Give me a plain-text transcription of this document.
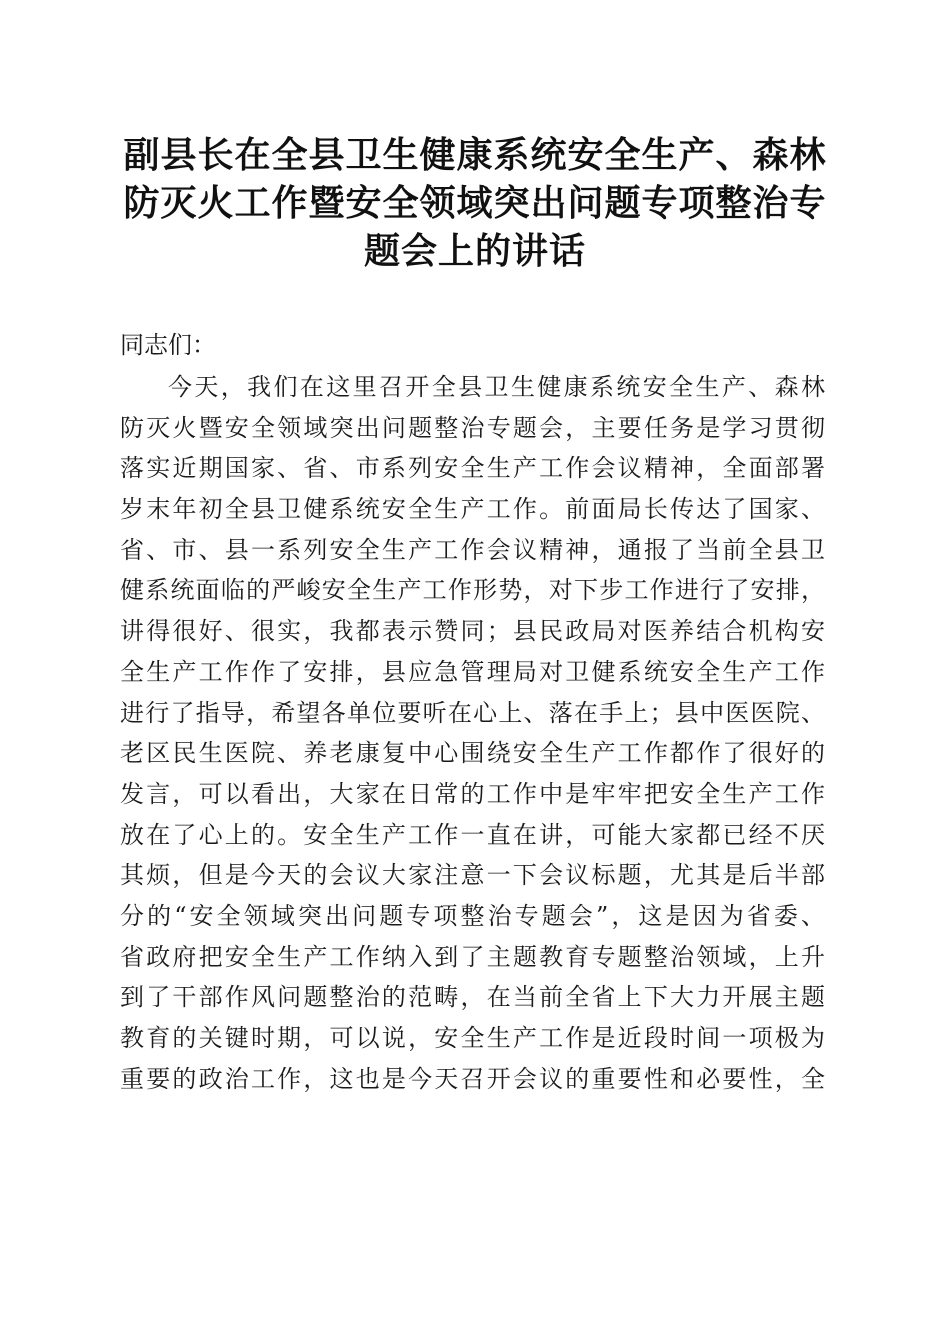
副县长在全县卫生健康系统安全生产、森林防灭火工作暨安全领域突出问题专项整治专题会上的讲话

同志们：

今天，我们在这里召开全县卫生健康系统安全生产、森林
防灭火暨安全领域突出问题整治专题会，主要任务是学习贯彻
落实近期国家、省、市系列安全生产工作会议精神，全面部署
岁末年初全县卫健系统安全生产工作。前面局长传达了国家、
省、市、县一系列安全生产工作会议精神，通报了当前全县卫
健系统面临的严峻安全生产工作形势，对下步工作进行了安排，
讲得很好、很实，我都表示赞同；县民政局对医养结合机构安
全生产工作作了安排，县应急管理局对卫健系统安全生产工作
进行了指导，希望各单位要听在心上、落在手上；县中医医院、
老区民生医院、养老康复中心围绕安全生产工作都作了很好的
发言，可以看出，大家在日常的工作中是牢牢把安全生产工作
放在了心上的。安全生产工作一直在讲，可能大家都已经不厌
其烦，但是今天的会议大家注意一下会议标题，尤其是后半部
分的“安全领域突出问题专项整治专题会”，这是因为省委、
省政府把安全生产工作纳入到了主题教育专题整治领域，上升
到了干部作风问题整治的范畴，在当前全省上下大力开展主题
教育的关键时期，可以说，安全生产工作是近段时间一项极为
重要的政治工作，这也是今天召开会议的重要性和必要性，全
